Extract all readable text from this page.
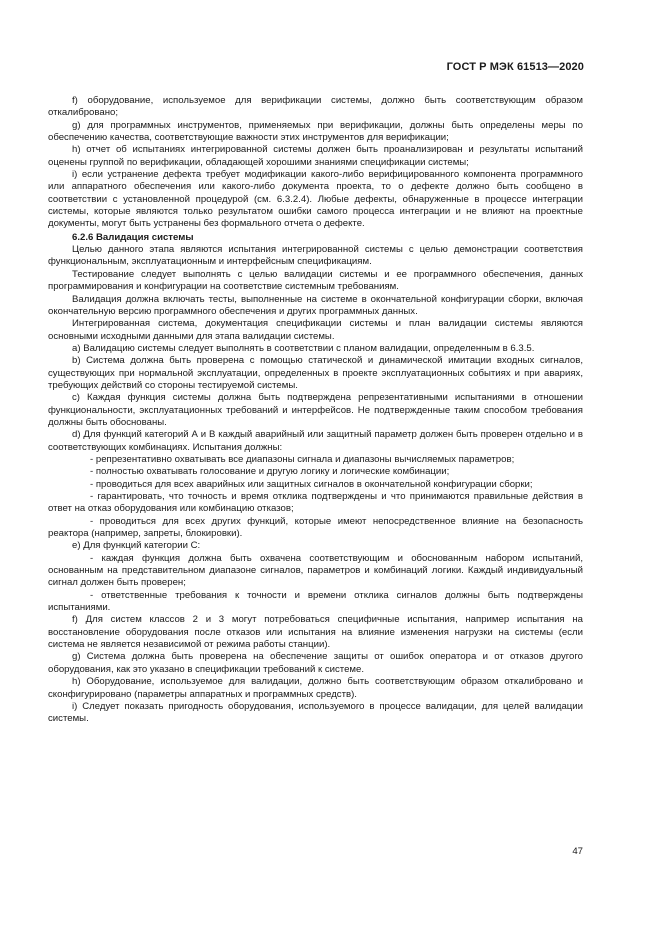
ГОСТ Р МЭК 61513—2020

f) оборудование, используемое для верификации системы, должно быть соответствующим образом откалибровано;

g) для программных инструментов, применяемых при верификации, должны быть определены меры по обеспечению качества, соответствующие важности этих инструментов для верификации;

h) отчет об испытаниях интегрированной системы должен быть проанализирован и результаты испытаний оценены группой по верификации, обладающей хорошими знаниями спецификации системы;

i) если устранение дефекта требует модификации какого-либо верифицированного компонента программного или аппаратного обеспечения или какого-либо документа проекта, то о дефекте должно быть сообщено в соответствии с установленной процедурой (см. 6.3.2.4). Любые дефекты, обнаруженные в процессе интеграции системы, которые являются только результатом ошибки самого процесса интеграции и не влияют на проектные документы, могут быть устранены без формального отчета о дефекте.

6.2.6 Валидация системы

Целью данного этапа являются испытания интегрированной системы с целью демонстрации соответствия функциональным, эксплуатационным и интерфейсным спецификациям.

Тестирование следует выполнять с целью валидации системы и ее программного обеспечения, данных программирования и конфигурации на соответствие системным требованиям.

Валидация должна включать тесты, выполненные на системе в окончательной конфигурации сборки, включая окончательную версию программного обеспечения и других программных данных.

Интегрированная система, документация спецификации системы и план валидации системы являются основными исходными данными для этапа валидации системы.

a) Валидацию системы следует выполнять в соответствии с планом валидации, определенным в 6.3.5.

b) Система должна быть проверена с помощью статической и динамической имитации входных сигналов, существующих при нормальной эксплуатации, определенных в проекте эксплуатационных событиях и при авариях, требующих действий со стороны тестируемой системы.

c) Каждая функция системы должна быть подтверждена репрезентативными испытаниями в отношении функциональности, эксплуатационных требований и интерфейсов. Не подтвержденные таким способом требования должны быть обоснованы.

d) Для функций категорий А и В каждый аварийный или защитный параметр должен быть проверен отдельно и в соответствующих комбинациях. Испытания должны:

- репрезентативно охватывать все диапазоны сигнала и диапазоны вычисляемых параметров;

- полностью охватывать голосование и другую логику и логические комбинации;

- проводиться для всех аварийных или защитных сигналов в окончательной конфигурации сборки;

- гарантировать, что точность и время отклика подтверждены и что принимаются правильные действия в ответ на отказ оборудования или комбинацию отказов;

- проводиться для всех других функций, которые имеют непосредственное влияние на безопасность реактора (например, запреты, блокировки).

e) Для функций категории С:

- каждая функция должна быть охвачена соответствующим и обоснованным набором испытаний, основанным на представительном диапазоне сигналов, параметров и комбинаций логики. Каждый индивидуальный сигнал должен быть проверен;

- ответственные требования к точности и времени отклика сигналов должны быть подтверждены испытаниями.

f) Для систем классов 2 и 3 могут потребоваться специфичные испытания, например испытания на восстановление оборудования после отказов или испытания на влияние изменения нагрузки на системы (если система не является независимой от режима работы станции).

g) Система должна быть проверена на обеспечение защиты от ошибок оператора и от отказов другого оборудования, как это указано в спецификации требований к системе.

h) Оборудование, используемое для валидации, должно быть соответствующим образом откалибровано и сконфигурировано (параметры аппаратных и программных средств).

i) Следует показать пригодность оборудования, используемого в процессе валидации, для целей валидации системы.

47
